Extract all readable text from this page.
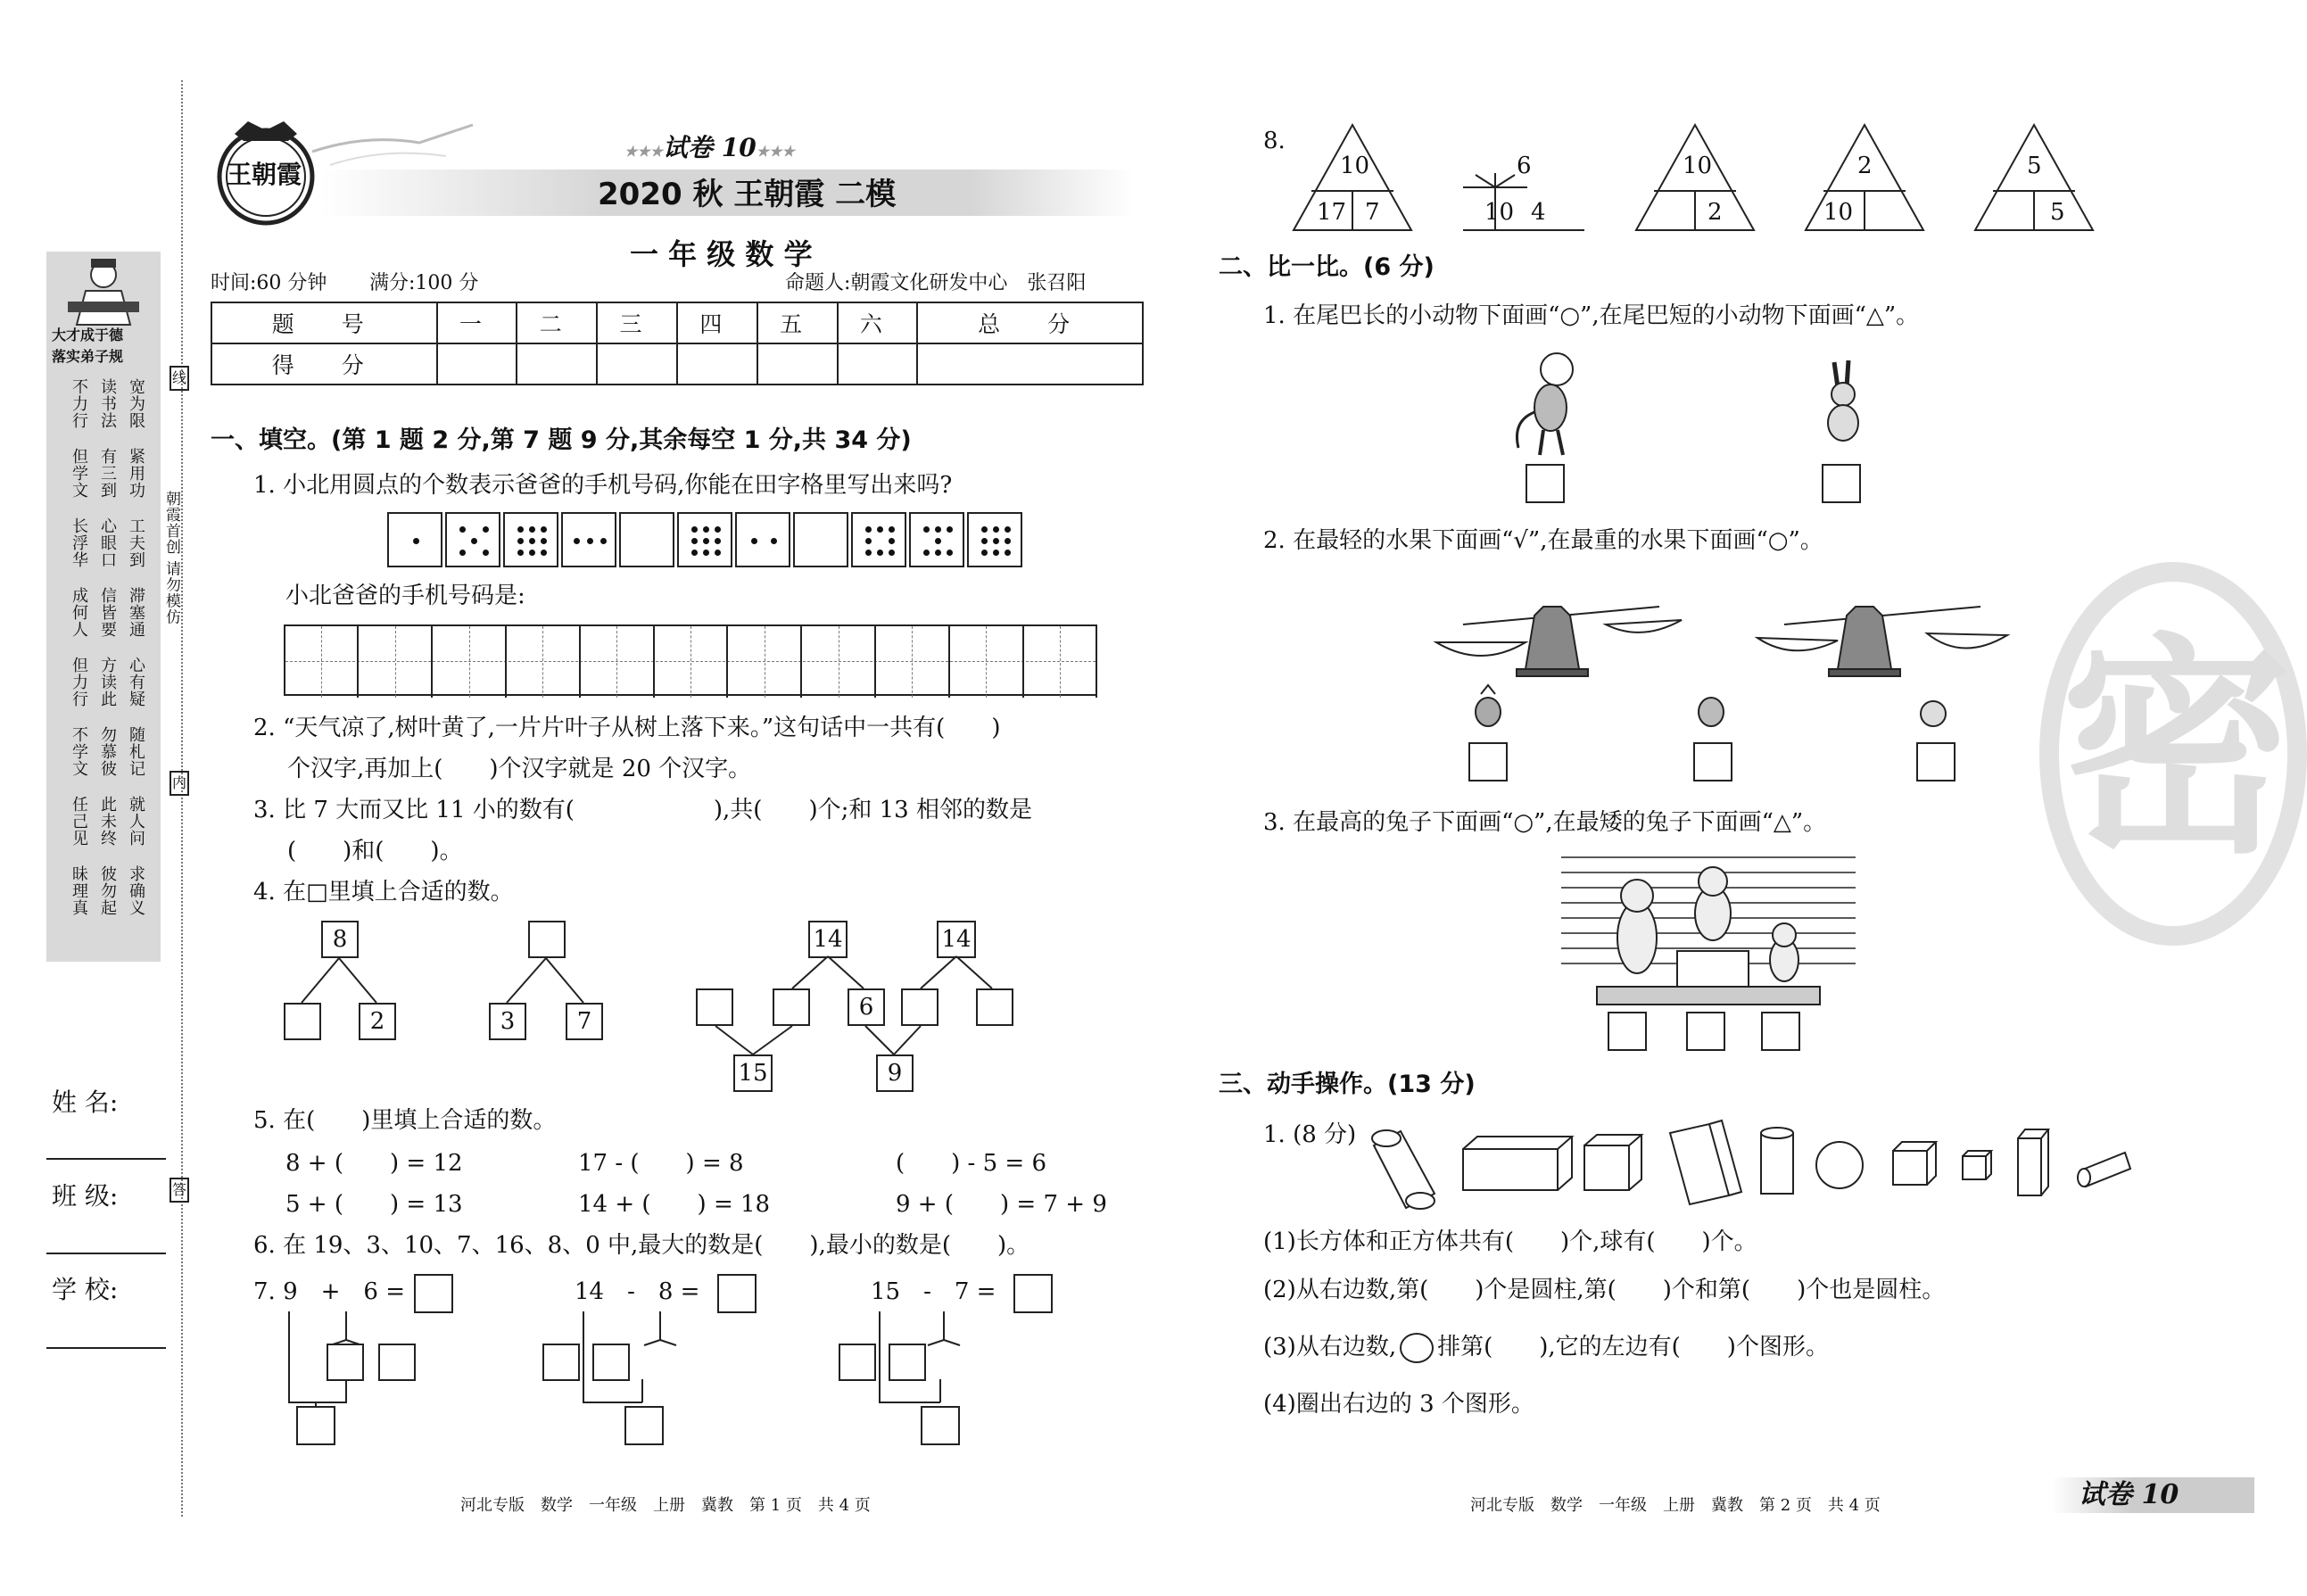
大才成于德
落实弟子规
宽为限
读书法
不力行
紧用功
有三到
但学文
工夫到
心眼口
长浮华
滞塞通
信皆要
成何人
心有疑
方读此
但力行
随札记
勿慕彼
不学文
就人问
此未终
任己见
求确义
彼勿起
昧理真
姓 名:
班 级:
学 校:
朝霞首创 请勿模仿
线
内
答
王朝霞
★★★试卷 10★★★
2020 秋 王朝霞 二模
一 年 级 数 学
时间:60 分钟 满分:100 分	命题人:朝霞文化研发中心　张召阳
题　号	一	二	三	四	五	六	总　分
得　分							
一、填空。(第 1 题 2 分,第 7 题 9 分,其余每空 1 分,共 34 分)
1. 小北用圆点的个数表示爸爸的手机号码,你能在田字格里写出来吗?
小北爸爸的手机号码是:
2. “天气凉了,树叶黄了,一片片叶子从树上落下来。”这句话中一共有(　　)
个汉字,再加上(　　)个汉字就是 20 个汉字。
3. 比 7 大而又比 11 小的数有(　　　　　　),共(　　)个;和 13 相邻的数是
(　　)和(　　)。
4. 在□里填上合适的数。
8
2	3	7
14
6
15
14
9
5. 在(　　)里填上合适的数。
8 + (　　) = 12	17 - (　　) = 8	(　　) - 5 = 6
5 + (　　) = 13	14 + (　　) = 18	9 + (　　) = 7 + 9
6. 在 19、3、10、7、16、8、0 中,最大的数是(　　),最小的数是(　　)。
7. 9　+　6 =	14　-　8 =	15　-　7 =
河北专版　数学　一年级　上册　冀教　第 1 页　共 4 页
8.
10
17 7
6
10 4
10
2
2
10
5
5
二、比一比。(6 分)
1. 在尾巴长的小动物下面画“○”,在尾巴短的小动物下面画“△”。
2. 在最轻的水果下面画“√”,在最重的水果下面画“○”。
3. 在最高的兔子下面画“○”,在最矮的兔子下面画“△”。
三、动手操作。(13 分)
1. (8 分)
(1)长方体和正方体共有(　　)个,球有(　　)个。
(2)从右边数,第(　　)个是圆柱,第(　　)个和第(　　)个也是圆柱。
(3)从右边数, 排第(　　),它的左边有(　　)个图形。
(4)圈出右边的 3 个图形。
河北专版　数学　一年级　上册　冀教　第 2 页　共 4 页	试卷 10
密
